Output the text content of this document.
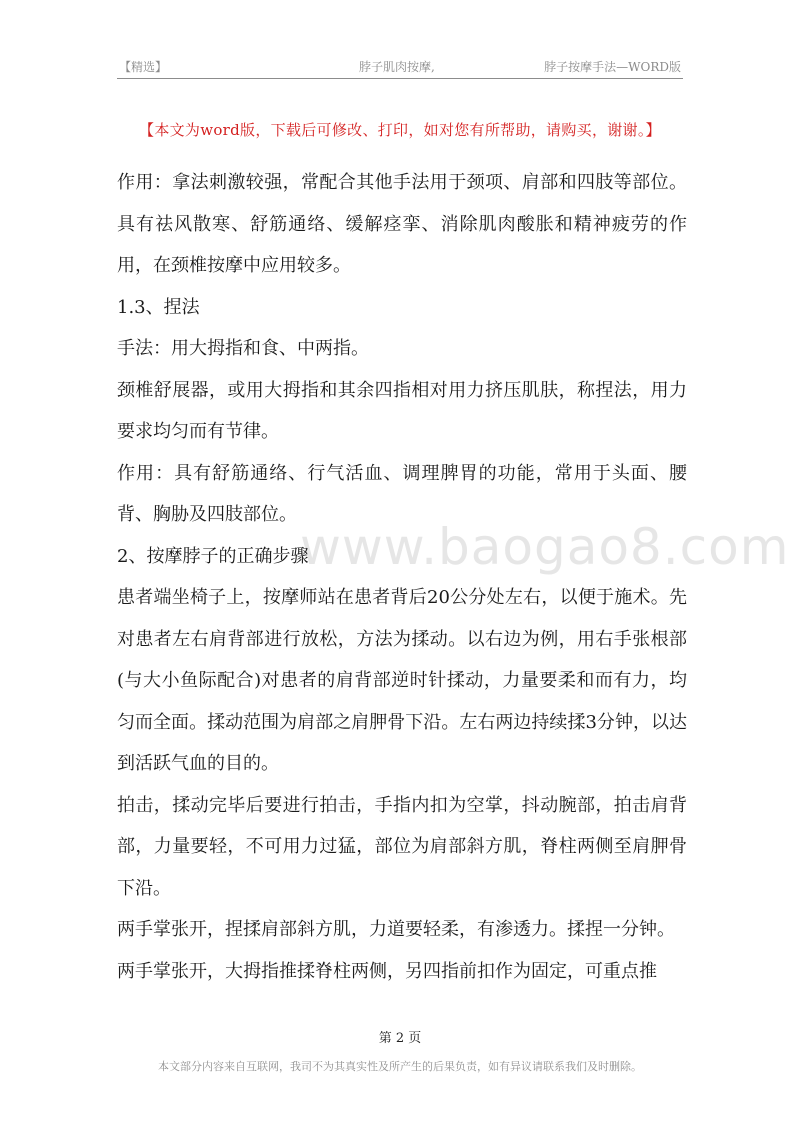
【精选】	脖子肌肉按摩,	脖子按摩手法—WORD版
【本文为word版，下载后可修改、打印，如对您有所帮助，请购买，谢谢。】
www.baogao8.com

作用：拿法刺激较强，常配合其他手法用于颈项、肩部和四肢等部位。具有祛风散寒、舒筋通络、缓解痉挛、消除肌肉酸胀和精神疲劳的作用，在颈椎按摩中应用较多。

1.3、捏法

手法：用大拇指和食、中两指。

颈椎舒展器，或用大拇指和其余四指相对用力挤压肌肤，称捏法，用力要求均匀而有节律。

作用：具有舒筋通络、行气活血、调理脾胃的功能，常用于头面、腰背、胸胁及四肢部位。

2、按摩脖子的正确步骤

患者端坐椅子上，按摩师站在患者背后20公分处左右，以便于施术。先对患者左右肩背部进行放松，方法为揉动。以右边为例，用右手张根部(与大小鱼际配合)对患者的肩背部逆时针揉动，力量要柔和而有力，均匀而全面。揉动范围为肩部之肩胛骨下沿。左右两边持续揉3分钟，以达到活跃气血的目的。

拍击，揉动完毕后要进行拍击，手指内扣为空掌，抖动腕部，拍击肩背部，力量要轻，不可用力过猛，部位为肩部斜方肌，脊柱两侧至肩胛骨下沿。

两手掌张开，捏揉肩部斜方肌，力道要轻柔，有渗透力。揉捏一分钟。

两手掌张开，大拇指推揉脊柱两侧，另四指前扣作为固定，可重点推

第 2 页
本文部分内容来自互联网，我司不为其真实性及所产生的后果负责，如有异议请联系我们及时删除。
